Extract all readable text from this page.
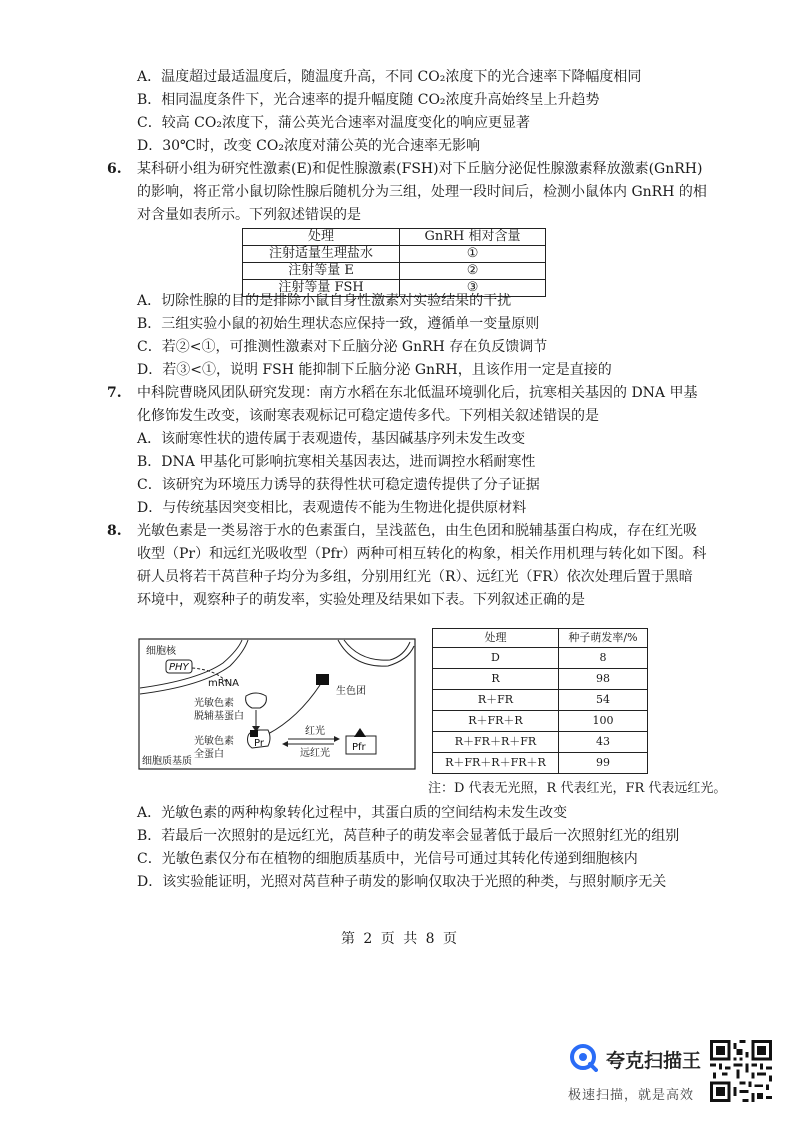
A．温度超过最适温度后，随温度升高，不同 CO₂浓度下的光合速率下降幅度相同
B．相同温度条件下，光合速率的提升幅度随 CO₂浓度升高始终呈上升趋势
C．较高 CO₂浓度下，蒲公英光合速率对温度变化的响应更显著
D．30℃时，改变 CO₂浓度对蒲公英的光合速率无影响
6. 某科研小组为研究性激素(E)和促性腺激素(FSH)对下丘脑分泌促性腺激素释放激素(GnRH)
的影响，将正常小鼠切除性腺后随机分为三组，处理一段时间后，检测小鼠体内 GnRH 的相
对含量如表所示。下列叙述错误的是
处理	GnRH 相对含量
注射适量生理盐水	①
注射等量 E	②
注射等量 FSH	③
A．切除性腺的目的是排除小鼠自身性激素对实验结果的干扰
B．三组实验小鼠的初始生理状态应保持一致，遵循单一变量原则
C．若②<①，可推测性激素对下丘脑分泌 GnRH 存在负反馈调节
D．若③<①，说明 FSH 能抑制下丘脑分泌 GnRH，且该作用一定是直接的
7. 中科院曹晓风团队研究发现：南方水稻在东北低温环境驯化后，抗寒相关基因的 DNA 甲基
化修饰发生改变，该耐寒表观标记可稳定遗传多代。下列相关叙述错误的是
A．该耐寒性状的遗传属于表观遗传，基因碱基序列未发生改变
B．DNA 甲基化可影响抗寒相关基因表达，进而调控水稻耐寒性
C．该研究为环境压力诱导的获得性状可稳定遗传提供了分子证据
D．与传统基因突变相比，表观遗传不能为生物进化提供原材料
8. 光敏色素是一类易溶于水的色素蛋白，呈浅蓝色，由生色团和脱辅基蛋白构成，存在红光吸
收型（Pr）和远红光吸收型（Pfr）两种可相互转化的构象，相关作用机理与转化如下图。科
研人员将若干莴苣种子均分为多组，分别用红光（R）、远红光（FR）依次处理后置于黑暗
环境中，观察种子的萌发率，实验处理及结果如下表。下列叙述正确的是
细胞核
PHY
mRNA
光敏色素
脱辅基蛋白
生色团
Pr
光敏色素
全蛋白
红光
远红光
Pfr
细胞质基质
处理	种子萌发率/%
D	8
R	98
R＋FR	54
R＋FR＋R	100
R＋FR＋R＋FR	43
R＋FR＋R＋FR＋R	99
注：D 代表无光照，R 代表红光，FR 代表远红光。
A．光敏色素的两种构象转化过程中，其蛋白质的空间结构未发生改变
B．若最后一次照射的是远红光，莴苣种子的萌发率会显著低于最后一次照射红光的组别
C．光敏色素仅分布在植物的细胞质基质中，光信号可通过其转化传递到细胞核内
D．该实验能证明，光照对莴苣种子萌发的影响仅取决于光照的种类，与照射顺序无关
第 2 页 共 8 页
夸克扫描王
极速扫描，就是高效
